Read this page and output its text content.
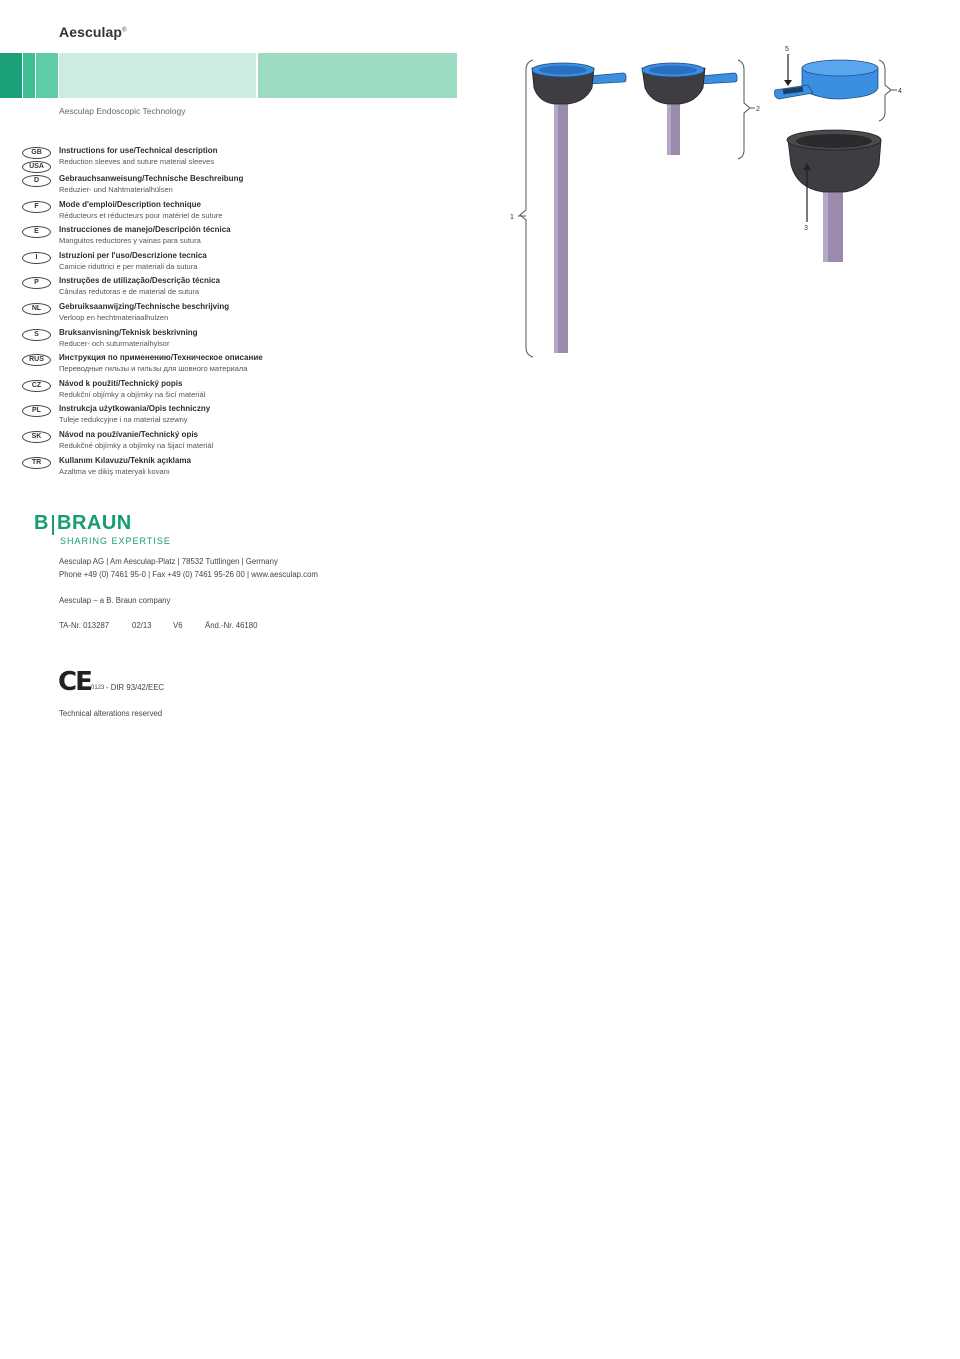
Aesculap®
Aesculap Endoscopic Technology
GB	Instructions for use/Technical description
Reduction sleeves and suture material sleeves
USA
D	Gebrauchsanweisung/Technische Beschreibung
Reduzier- und Nahtmaterialhülsen
F	Mode d'emploi/Description technique
Réducteurs et réducteurs pour matériel de suture
E	Instrucciones de manejo/Descripción técnica
Manguitos reductores y vainas para sutura
I	Istruzioni per l'uso/Descrizione tecnica
Camicie riduttrici e per materiali da sutura
P	Instruções de utilização/Descrição técnica
Cânulas redutoras e de material de sutura
NL	Gebruiksaanwijzing/Technische beschrijving
Verloop en hechtmateriaalhulzen
S	Bruksanvisning/Teknisk beskrivning
Reducer- och suturmaterialhylsor
RUS	Инструкция по применению/Техническое описание
Переводные гильзы и гильзы для шовного материала
CZ	Návod k použití/Technický popis
Redukční objímky a objímky na šicí materiál
PL	Instrukcja użytkowania/Opis techniczny
Tuleje redukcyjne i na materiał szewny
SK	Návod na používanie/Technický opis
Redukčné objímky a objímky na šijací materiál
TR	Kullanım Kılavuzu/Teknik açıklama
Azaltma ve dikiş materyali kovanı
B BRAUN
SHARING EXPERTISE
Aesculap AG | Am Aesculap-Platz | 78532 Tuttlingen | Germany
Phone +49 (0) 7461 95-0 | Fax +49 (0) 7461 95-26 00 | www.aesculap.com
Aesculap – a B. Braun company
TA-Nr. 013287	02/13	V6	Änd.-Nr. 46180
CE 0123 - DIR 93/42/EEC
Technical alterations reserved
1
2
5
4
3
